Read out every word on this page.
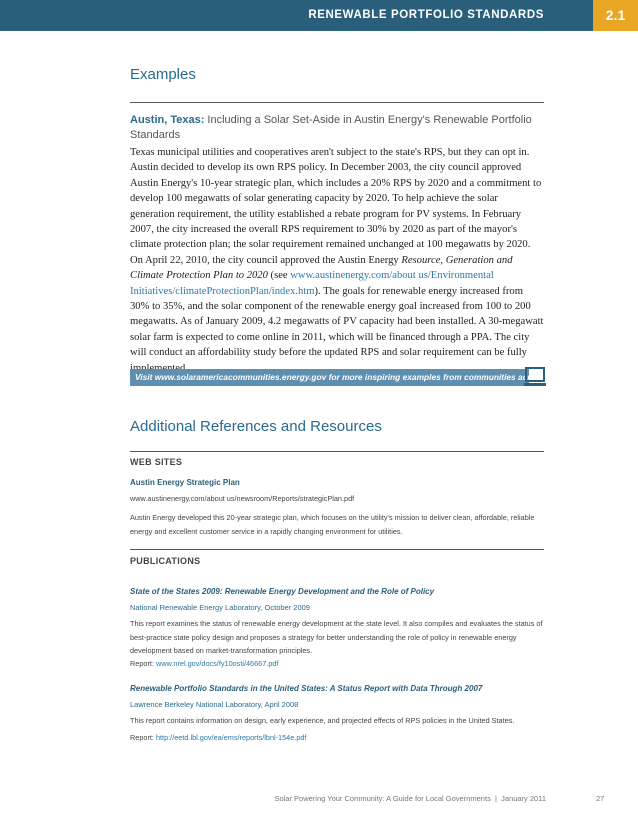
RENEWABLE PORTFOLIO STANDARDS	2.1
Examples
Austin, Texas: Including a Solar Set-Aside in Austin Energy's Renewable Portfolio Standards
Texas municipal utilities and cooperatives aren't subject to the state's RPS, but they can opt in. Austin decided to develop its own RPS policy. In December 2003, the city council approved Austin Energy's 10-year strategic plan, which includes a 20% RPS by 2020 and a commitment to develop 100 megawatts of solar generating capacity by 2020. To help achieve the solar generation requirement, the utility established a rebate program for PV systems. In February 2007, the city increased the overall RPS requirement to 30% by 2020 as part of the mayor's climate protection plan; the solar requirement remained unchanged at 100 megawatts by 2020. On April 22, 2010, the city council approved the Austin Energy Resource, Generation and Climate Protection Plan to 2020 (see www.austinenergy.com/about us/Environmental Initiatives/climateProtectionPlan/index.htm). The goals for renewable energy increased from 30% to 35%, and the solar component of the renewable energy goal increased from 100 to 200 megawatts. As of January 2009, 4.2 megawatts of PV capacity had been installed. A 30-megawatt solar farm is expected to come online in 2011, which will be financed through a PPA. The city will conduct an affordability study before the updated RPS and solar requirement can be fully
Visit www.solaramericacommunities.energy.gov for more inspiring examples from communities across the United States.
Additional References and Resources
WEB SITES
Austin Energy Strategic Plan
www.austinenergy.com/about us/newsroom/Reports/strategicPlan.pdf
Austin Energy developed this 20-year strategic plan, which focuses on the utility's mission to deliver clean, affordable, reliable energy and excellent customer service in a rapidly changing environment for utilities.
PUBLICATIONS
State of the States 2009: Renewable Energy Development and the Role of Policy
National Renewable Energy Laboratory, October 2009
This report examines the status of renewable energy development at the state level. It also compiles and evaluates the status of best-practice state policy design and proposes a strategy for better understanding the role of policy in renewable energy development based on market-transformation principles.
Report: www.nrel.gov/docs/fy10osti/46667.pdf
Renewable Portfolio Standards in the United States: A Status Report with Data Through 2007
Lawrence Berkeley National Laboratory, April 2008
This report contains information on design, early experience, and projected effects of RPS policies in the United States.
Report: http://eetd.lbl.gov/ea/ems/reports/lbnl-154e.pdf
Solar Powering Your Community: A Guide for Local Governments  |  January 2011	27
